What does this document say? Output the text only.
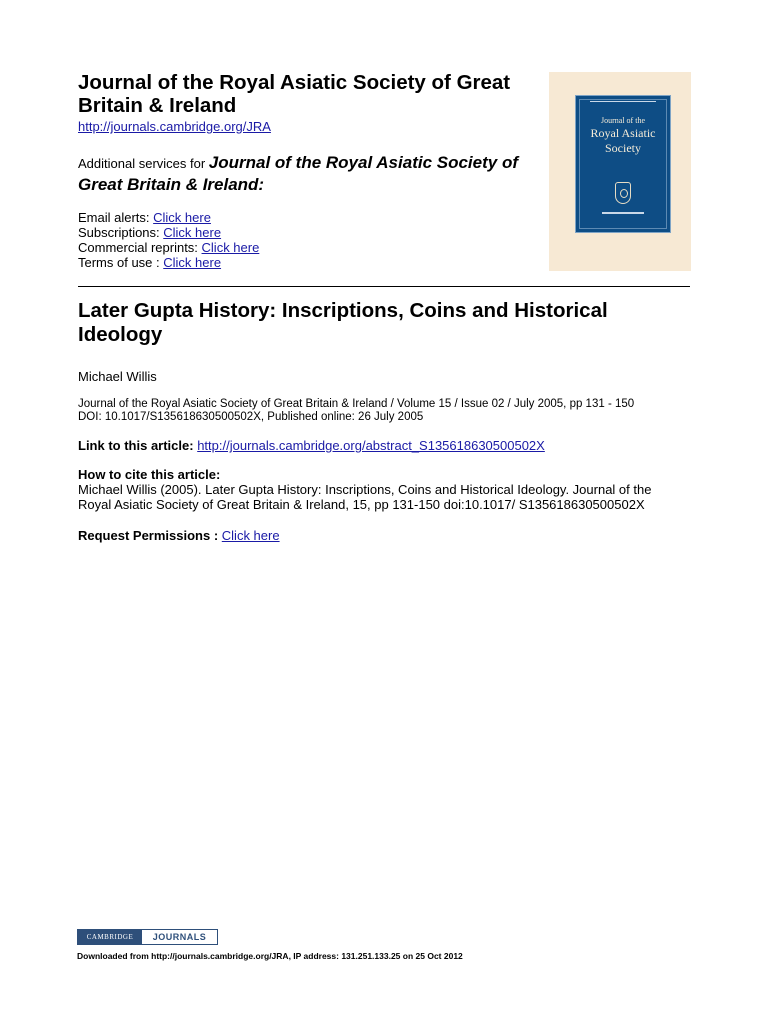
Journal of the Royal Asiatic Society of Great Britain & Ireland
http://journals.cambridge.org/JRA
Additional services for Journal of the Royal Asiatic Society of Great Britain & Ireland:
Email alerts: Click here
Subscriptions: Click here
Commercial reprints: Click here
Terms of use : Click here
Journal of the
Royal Asiatic
Society
Later Gupta History: Inscriptions, Coins and Historical Ideology
Michael Willis
Journal of the Royal Asiatic Society of Great Britain & Ireland / Volume 15 / Issue 02 / July 2005, pp 131 - 150
DOI: 10.1017/S135618630500502X, Published online: 26 July 2005
Link to this article: http://journals.cambridge.org/abstract_S135618630500502X
How to cite this article:
Michael Willis (2005). Later Gupta History: Inscriptions, Coins and Historical Ideology. Journal of the Royal Asiatic Society of Great Britain & Ireland, 15, pp 131-150 doi:10.1017/ S135618630500502X
Request Permissions : Click here
CAMBRIDGE	JOURNALS
Downloaded from http://journals.cambridge.org/JRA, IP address: 131.251.133.25 on 25 Oct 2012
